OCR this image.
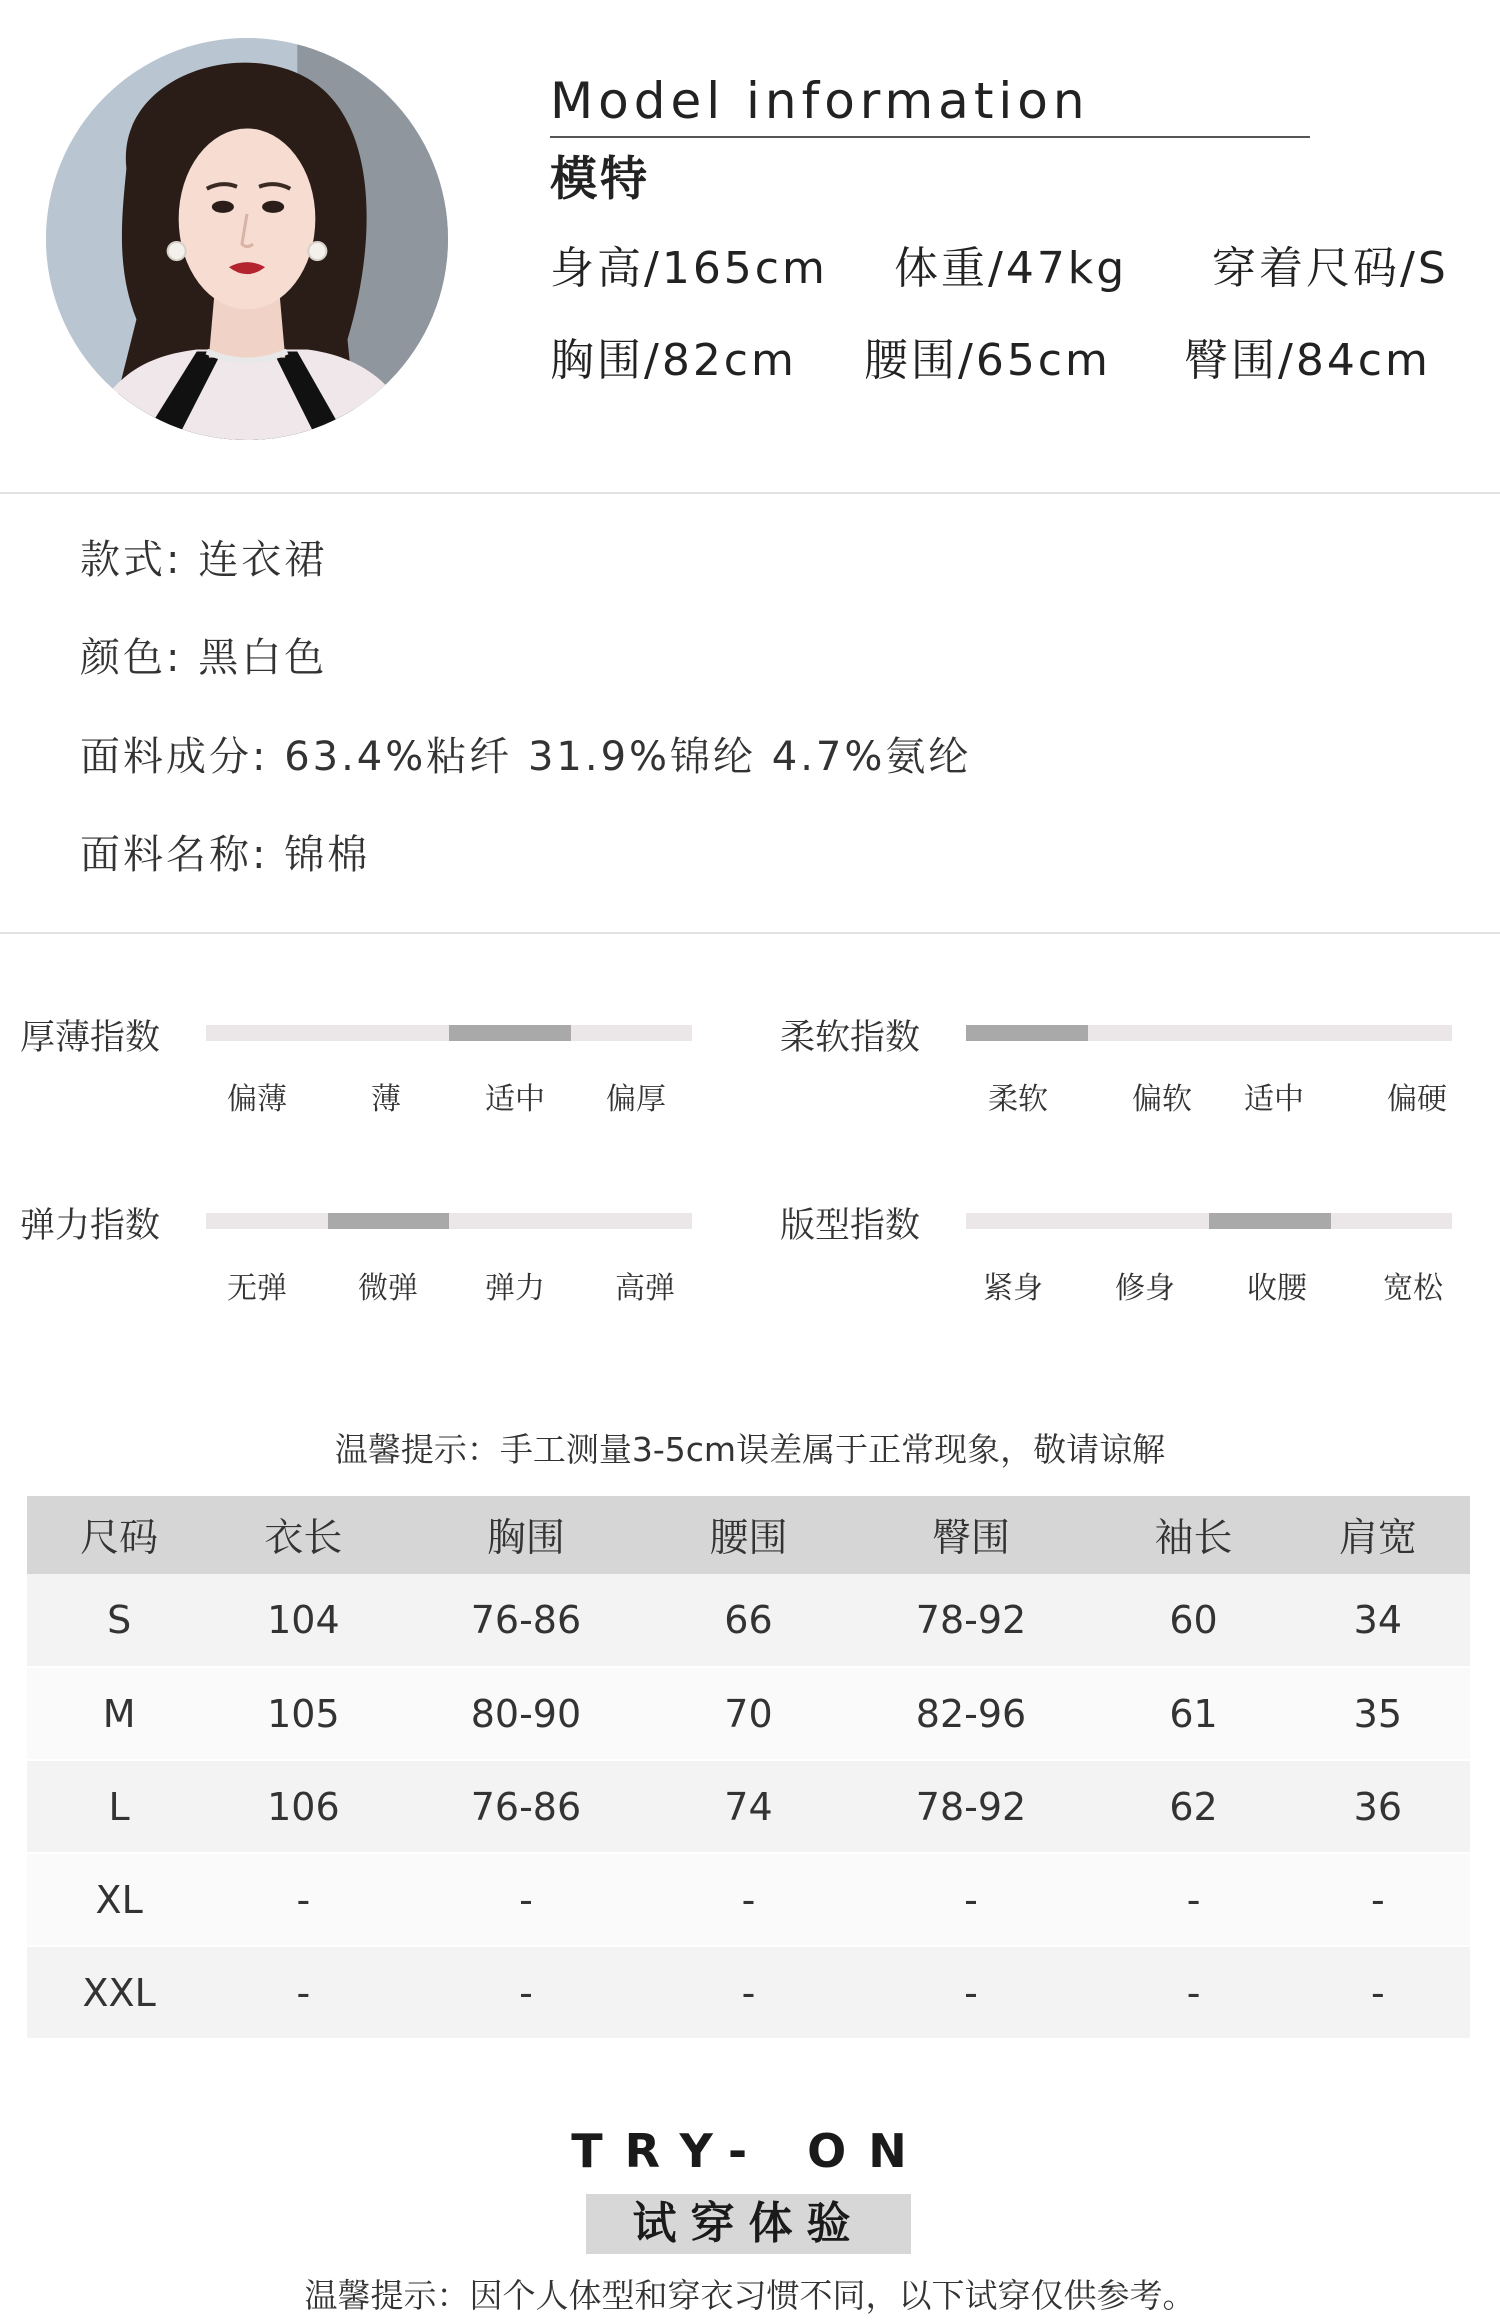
Model information
模特
身高/165cm 体重/47kg 穿着尺码/S
胸围/82cm 腰围/65cm 臀围/84cm
款式: 连衣裙
颜色: 黑白色
面料成分: 63.4%粘纤 31.9%锦纶 4.7%氨纶
面料名称: 锦棉
厚薄指数
偏薄	薄	适中 偏厚
柔软指数
柔软	偏软 适中	偏硬
弹力指数
无弹 微弹 弹力 高弹
版型指数
紧身 修身 收腰	宽松
温馨提示：手工测量3-5cm误差属于正常现象，敬请谅解
尺码	衣长	胸围	腰围	臀围	袖长	肩宽
S	104	76-86	66	78-92	60	34
M	105	80-90	70	82-96	61	35
L	106	76-86	74	78-92	62	36
XL	-	-	-	-	-	-
XXL	-	-	-	-	-	-
TRY- ON
试穿体验
温馨提示：因个人体型和穿衣习惯不同，以下试穿仅供参考。
